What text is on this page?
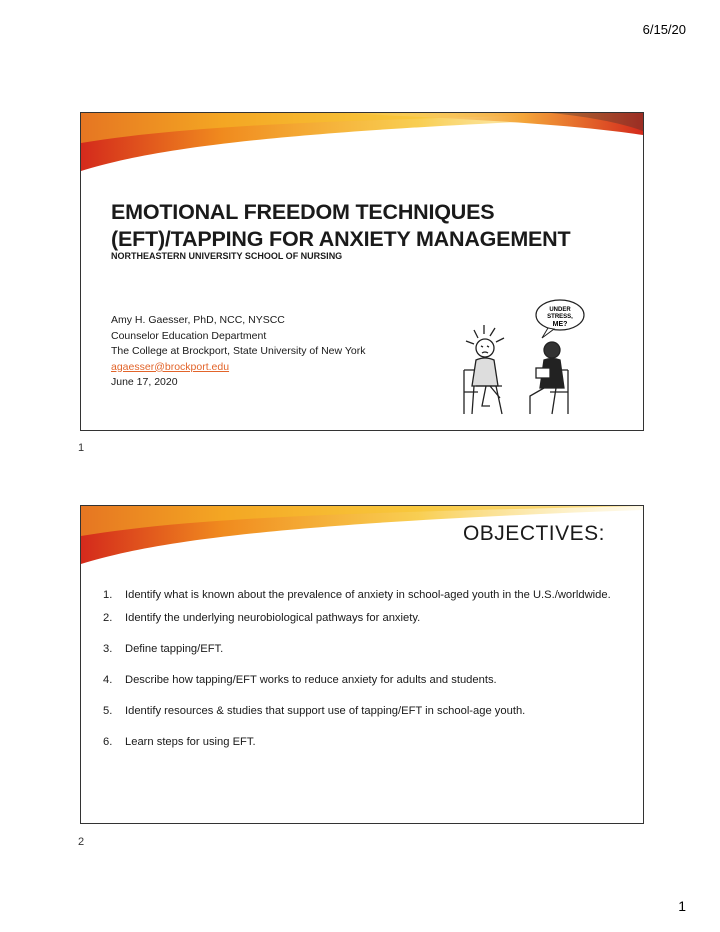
6/15/20
EMOTIONAL FREEDOM TECHNIQUES
(EFT)/TAPPING FOR ANXIETY MANAGEMENT
NORTHEASTERN UNIVERSITY SCHOOL OF NURSING
Amy H. Gaesser, PhD, NCC, NYSCC
Counselor Education Department
The College at Brockport, State University of New York
agaesser@brockport.edu
June 17, 2020
UNDER
STRESS,
ME?
1
OBJECTIVES:
1.	Identify what is known about the prevalence of anxiety in school-aged youth in the U.S./worldwide.
2.	Identify the underlying neurobiological pathways for anxiety.
3.	Define tapping/EFT.
4.	Describe how tapping/EFT works to reduce anxiety for adults and students.
5.	Identify resources & studies that support use of tapping/EFT in school-age youth.
6.	Learn steps for using EFT.
2
1
